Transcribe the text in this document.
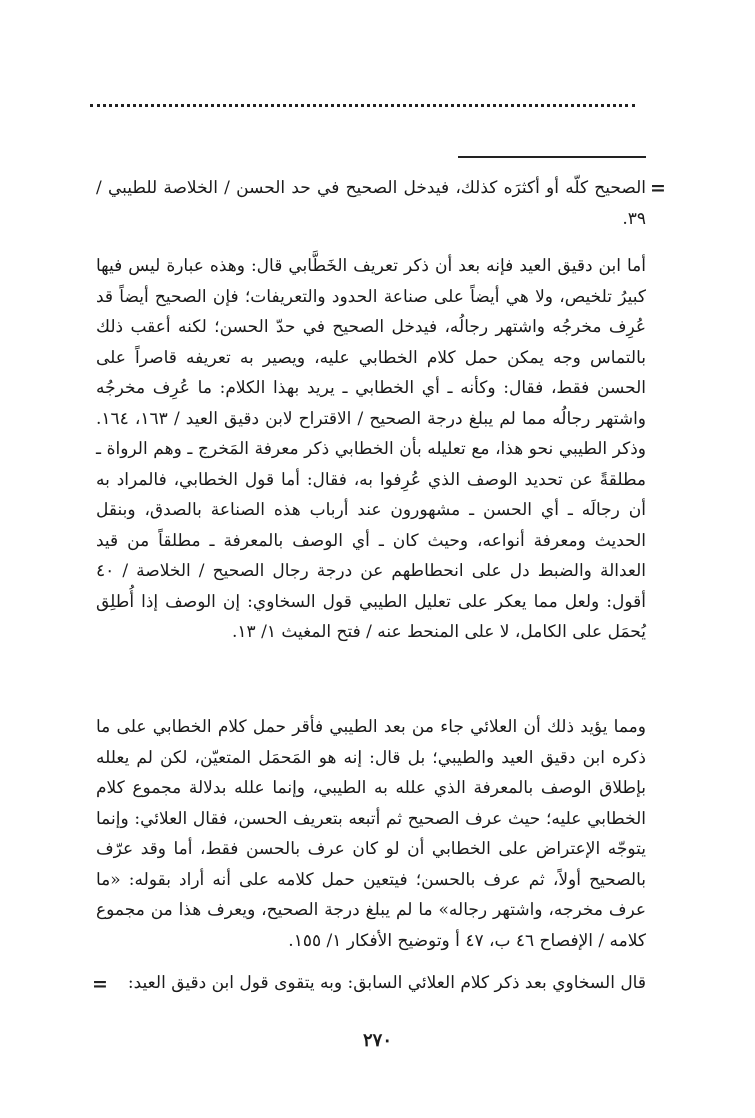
=

الصحيح كلّه أو أكثرَه كذلك، فيدخل الصحيح في حد الحسن / الخلاصة للطيبي / ٣٩.

أما ابن دقيق العيد فإنه بعد أن ذكر تعريف الخَطَّابي قال: وهذه عبارة ليس فيها كبيرُ تلخيص، ولا هي أيضاً على صناعة الحدود والتعريفات؛ فإن الصحيح أيضاً قد عُرِف مخرجُه واشتهر رجالُه، فيدخل الصحيح في حدّ الحسن؛ لكنه أعقب ذلك بالتماس وجه يمكن حمل كلام الخطابي عليه، ويصير به تعريفه قاصراً على الحسن فقط، فقال: وكأنه ـ أي الخطابي ـ يريد بهذا الكلام: ما عُرِف مخرجُه واشتهر رجالُه مما لم يبلغ درجة الصحيح / الاقتراح لابن دقيق العيد / ١٦٣، ١٦٤. وذكر الطيبي نحو هذا، مع تعليله بأن الخطابي ذكر معرفة المَخرج ـ وهم الرواة ـ مطلقةً عن تحديد الوصف الذي عُرِفوا به، فقال: أما قول الخطابي، فالمراد به أن رجالَه ـ أي الحسن ـ مشهورون عند أرباب هذه الصناعة بالصدق، وبنقل الحديث ومعرفة أنواعه، وحيث كان ـ أي الوصف بالمعرفة ـ مطلقاً من قيد العدالة والضبط دل على انحطاطهم عن درجة رجال الصحيح / الخلاصة / ٤٠ أقول: ولعل مما يعكر على تعليل الطيبي قول السخاوي: إن الوصف إذا أُطلِق يُحمَل على الكامل، لا على المنحط عنه / فتح المغيث ١/ ١٣.

ومما يؤيد ذلك أن العلائي جاء من بعد الطيبي فأقر حمل كلام الخطابي على ما ذكره ابن دقيق العيد والطيبي؛ بل قال: إنه هو المَحمَل المتعيّن، لكن لم يعلله بإطلاق الوصف بالمعرفة الذي علله به الطيبي، وإنما علله بدلالة مجموع كلام الخطابي عليه؛ حيث عرف الصحيح ثم أتبعه بتعريف الحسن، فقال العلائي: وإنما يتوجّه الإعتراض على الخطابي أن لو كان عرف بالحسن فقط، أما وقد عرّف بالصحيح أولاً، ثم عرف بالحسن؛ فيتعين حمل كلامه على أنه أراد بقوله: «ما عرف مخرجه، واشتهر رجاله» ما لم يبلغ درجة الصحيح، ويعرف هذا من مجموع كلامه / الإفصاح ٤٦ ب، ٤٧ أ وتوضيح الأفكار ١/ ١٥٥.

قال السخاوي بعد ذكر كلام العلائي السابق: وبه يتقوى قول ابن دقيق العيد:

=
٢٧٠
